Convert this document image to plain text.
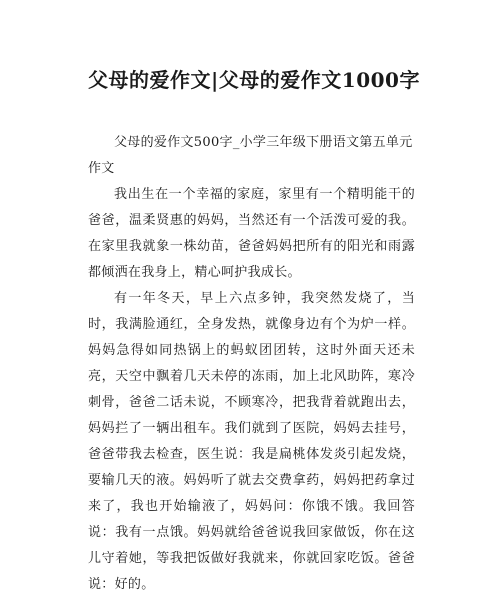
父母的爱作文|父母的爱作文1000字

父母的爱作文500字_小学三年级下册语文第五单元作文

我出生在一个幸福的家庭，家里有一个精明能干的爸爸，温柔贤惠的妈妈，当然还有一个活泼可爱的我。在家里我就象一株幼苗，爸爸妈妈把所有的阳光和雨露都倾洒在我身上，精心呵护我成长。

有一年冬天，早上六点多钟，我突然发烧了，当时，我满脸通红，全身发热，就像身边有个为炉一样。妈妈急得如同热锅上的蚂蚁团团转，这时外面天还未亮，天空中飘着几天未停的冻雨，加上北风助阵，寒冷刺骨，爸爸二话未说，不顾寒冷，把我背着就跑出去，妈妈拦了一辆出租车。我们就到了医院，妈妈去挂号，爸爸带我去检查，医生说：我是扁桃体发炎引起发烧，要输几天的液。妈妈听了就去交费拿药，妈妈把药拿过来了，我也开始输液了，妈妈问：你饿不饿。我回答说：我有一点饿。妈妈就给爸爸说我回家做饭，你在这儿守着她，等我把饭做好我就来，你就回家吃饭。爸爸说：好的。
